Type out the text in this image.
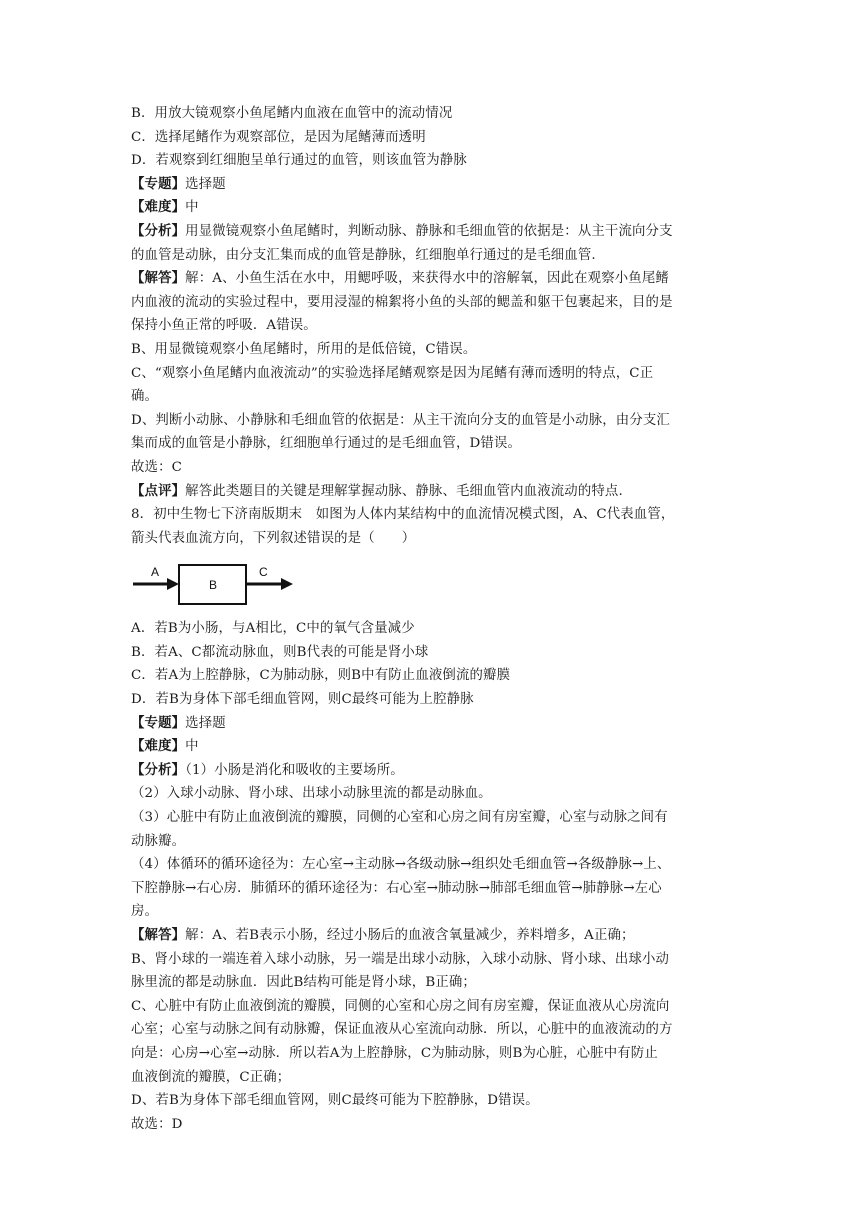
B．用放大镜观察小鱼尾鳍内血液在血管中的流动情况
C．选择尾鳍作为观察部位，是因为尾鳍薄而透明
D．若观察到红细胞呈单行通过的血管，则该血管为静脉
【专题】选择题
【难度】中
【分析】用显微镜观察小鱼尾鳍时，判断动脉、静脉和毛细血管的依据是：从主干流向分支
的血管是动脉，由分支汇集而成的血管是静脉，红细胞单行通过的是毛细血管.
【解答】解：A、小鱼生活在水中，用鳃呼吸，来获得水中的溶解氧，因此在观察小鱼尾鳍
内血液的流动的实验过程中，要用浸湿的棉絮将小鱼的头部的鳃盖和躯干包裹起来，目的是
保持小鱼正常的呼吸．A错误。
B、用显微镜观察小鱼尾鳍时，所用的是低倍镜，C错误。
C、“观察小鱼尾鳍内血液流动”的实验选择尾鳍观察是因为尾鳍有薄而透明的特点，C正
确。
D、判断小动脉、小静脉和毛细血管的依据是：从主干流向分支的血管是小动脉，由分支汇
集而成的血管是小静脉，红细胞单行通过的是毛细血管，D错误。
故选：C
【点评】解答此类题目的关键是理解掌握动脉、静脉、毛细血管内血液流动的特点.
8．初中生物七下济南版期末　如图为人体内某结构中的血流情况模式图，A、C代表血管，
箭头代表血流方向，下列叙述错误的是（　　）
A
B
C
A．若B为小肠，与A相比，C中的氧气含量减少
B．若A、C都流动脉血，则B代表的可能是肾小球
C．若A为上腔静脉，C为肺动脉，则B中有防止血液倒流的瓣膜
D．若B为身体下部毛细血管网，则C最终可能为上腔静脉
【专题】选择题
【难度】中
【分析】（1）小肠是消化和吸收的主要场所。
（2）入球小动脉、肾小球、出球小动脉里流的都是动脉血。
（3）心脏中有防止血液倒流的瓣膜，同侧的心室和心房之间有房室瓣，心室与动脉之间有
动脉瓣。
（4）体循环的循环途径为：左心室→主动脉→各级动脉→组织处毛细血管→各级静脉→上、
下腔静脉→右心房．肺循环的循环途径为：右心室→肺动脉→肺部毛细血管→肺静脉→左心
房。
【解答】解：A、若B表示小肠，经过小肠后的血液含氧量减少，养料增多，A正确；
B、肾小球的一端连着入球小动脉，另一端是出球小动脉，入球小动脉、肾小球、出球小动
脉里流的都是动脉血．因此B结构可能是肾小球，B正确；
C、心脏中有防止血液倒流的瓣膜，同侧的心室和心房之间有房室瓣，保证血液从心房流向
心室；心室与动脉之间有动脉瓣，保证血液从心室流向动脉．所以，心脏中的血液流动的方
向是：心房→心室→动脉．所以若A为上腔静脉，C为肺动脉，则B为心脏，心脏中有防止
血液倒流的瓣膜，C正确；
D、若B为身体下部毛细血管网，则C最终可能为下腔静脉，D错误。
故选：D
